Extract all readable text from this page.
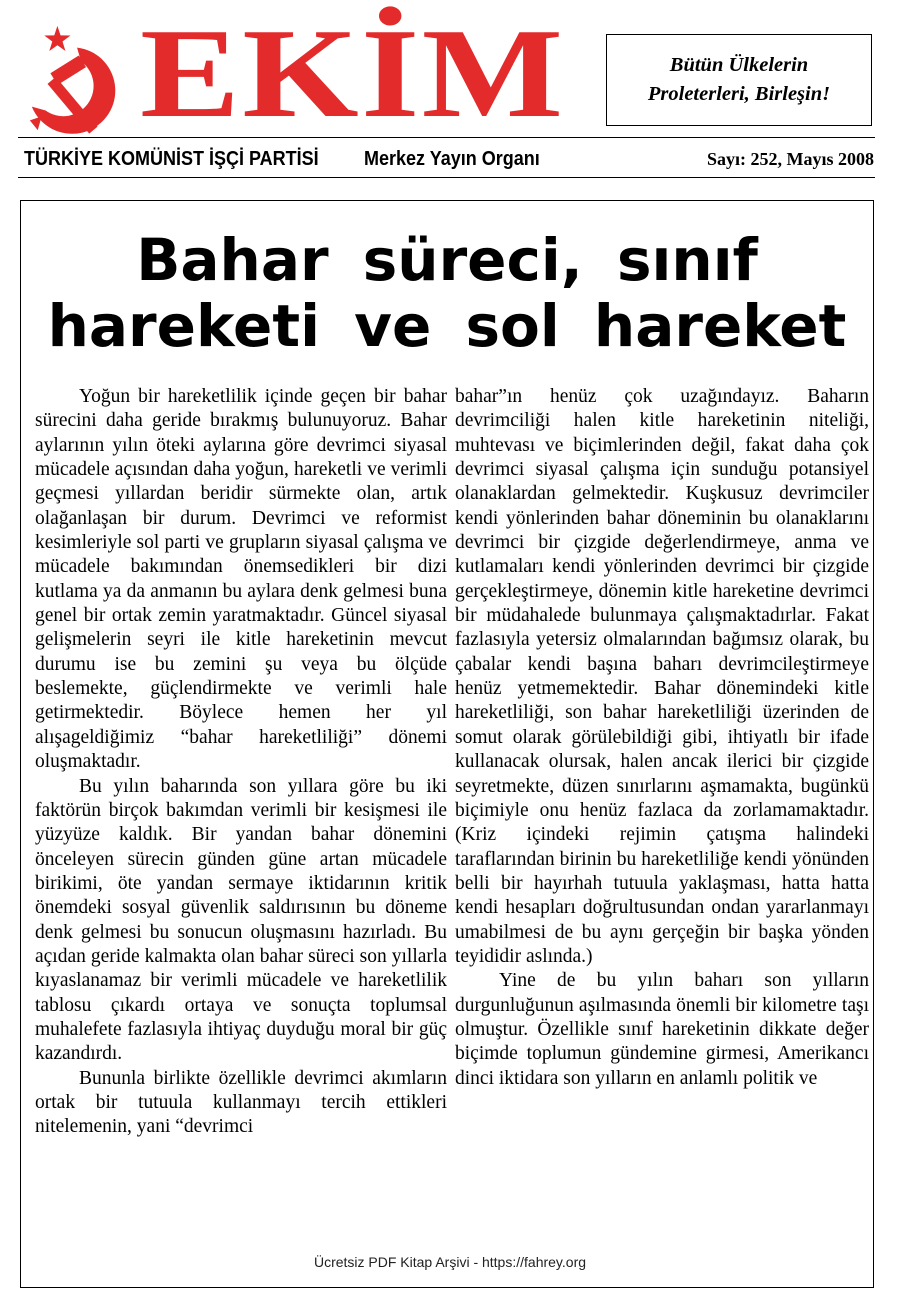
EKİM	Bütün Ülkelerin
Proleterleri, Birleşin!
TÜRKİYE KOMÜNİST İŞÇİ PARTİSİ	Merkez Yayın Organı	Sayı: 252, Mayıs 2008
Bahar süreci, sınıf
hareketi ve sol hareket

Yoğun bir hareketlilik içinde geçen bir bahar sürecini daha geride bırakmış bulunuyoruz. Bahar aylarının yılın öteki aylarına göre devrimci siyasal mücadele açısından daha yoğun, hareketli ve verimli geçmesi yıllardan beridir sürmekte olan, artık olağanlaşan bir durum. Devrimci ve reformist kesimleriyle sol parti ve grupların siyasal çalışma ve mücadele bakımından önemsedikleri bir dizi kutlama ya da anmanın bu aylara denk gelmesi buna genel bir ortak zemin yaratmaktadır. Güncel siyasal gelişmelerin seyri ile kitle hareketinin mevcut durumu ise bu zemini şu veya bu ölçüde beslemekte, güçlendirmekte ve verimli hale getirmektedir. Böylece hemen her yıl alışageldiğimiz “bahar hareketliliği” dönemi oluşmaktadır.

Bu yılın baharında son yıllara göre bu iki faktörün birçok bakımdan verimli bir kesişmesi ile yüzyüze kaldık. Bir yandan bahar dönemini önceleyen sürecin günden güne artan mücadele birikimi, öte yandan sermaye iktidarının kritik önemdeki sosyal güvenlik saldırısının bu döneme denk gelmesi bu sonucun oluşmasını hazırladı. Bu açıdan geride kalmakta olan bahar süreci son yıllarla kıyaslanamaz bir verimli mücadele ve hareketlilik tablosu çıkardı ortaya ve sonuçta toplumsal muhalefete fazlasıyla ihtiyaç duyduğu moral bir güç kazandırdı.

Bununla birlikte özellikle devrimci akımların ortak bir tutuula kullanmayı tercih ettikleri nitelemenin, yani “devrimci

bahar”ın henüz çok uzağındayız. Baharın devrimciliği halen kitle hareketinin niteliği, muhtevası ve biçimlerinden değil, fakat daha çok devrimci siyasal çalışma için sunduğu potansiyel olanaklardan gelmektedir. Kuşkusuz devrimciler kendi yönlerinden bahar döneminin bu olanaklarını devrimci bir çizgide değerlendirmeye, anma ve kutlamaları kendi yönlerinden devrimci bir çizgide gerçekleştirmeye, dönemin kitle hareketine devrimci bir müdahalede bulunmaya çalışmaktadırlar. Fakat fazlasıyla yetersiz olmalarından bağımsız olarak, bu çabalar kendi başına baharı devrimcileştirmeye henüz yetmemektedir. Bahar dönemindeki kitle hareketliliği, son bahar hareketliliği üzerinden de somut olarak görülebildiği gibi, ihtiyatlı bir ifade kullanacak olursak, halen ancak ilerici bir çizgide seyretmekte, düzen sınırlarını aşmamakta, bugünkü biçimiyle onu henüz fazlaca da zorlamamaktadır. (Kriz içindeki rejimin çatışma halindeki taraflarından birinin bu hareketliliğe kendi yönünden belli bir hayırhah tutuula yaklaşması, hatta hatta kendi hesapları doğrultusundan ondan yararlanmayı umabilmesi de bu aynı gerçeğin bir başka yönden teyididir aslında.)

Yine de bu yılın baharı son yılların durgunluğunun aşılmasında önemli bir kilometre taşı olmuştur. Özellikle sınıf hareketinin dikkate değer biçimde toplumun gündemine girmesi, Amerikancı dinci iktidara son yılların en anlamlı politik ve

Ücretsiz PDF Kitap Arşivi - https://fahrey.org
